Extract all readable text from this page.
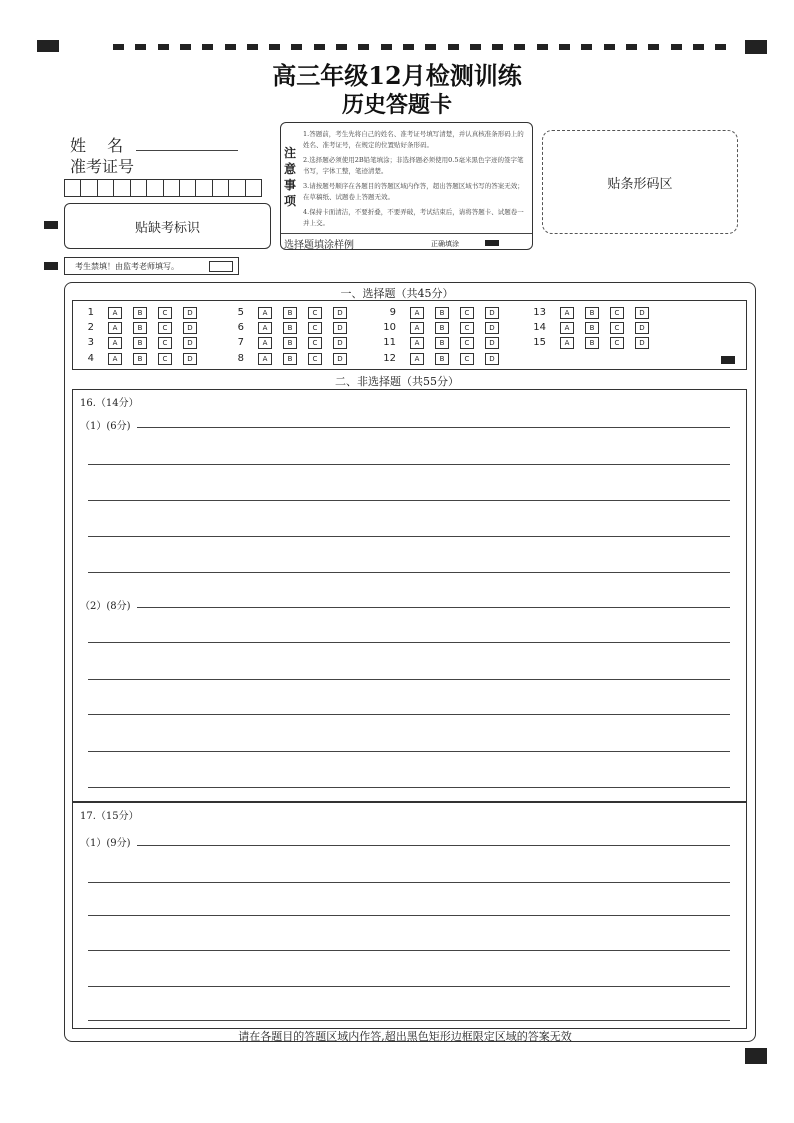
高三年级12月检测训练
历史答题卡
姓 名
准考证号
贴缺考标识
注意事项
1.答题前，考生先将自己的姓名、准考证号填写清楚，并认真核准条形码上的姓名、准考证号，在规定的位置贴好条形码。
2.选择题必须使用2B铅笔填涂；非选择题必须使用0.5毫米黑色字迹的签字笔书写，字体工整，笔迹清楚。
3.请按题号顺序在各题目的答题区域内作答，超出答题区域书写的答案无效；在草稿纸、试题卷上答题无效。
4.保持卡面清洁，不要折叠，不要弄破，考试结束后，请将答题卡、试题卷一并上交。
选择题填涂样例	正确填涂
贴条形码区
考生禁填！由监考老师填写。
一、选择题（共45分）
1	A	B	C	D
2	A	B	C	D
3	A	B	C	D
4	A	B	C	D
5	A	B	C	D
6	A	B	C	D
7	A	B	C	D
8	A	B	C	D
9	A	B	C	D
10	A	B	C	D
11	A	B	C	D
12	A	B	C	D
13	A	B	C	D
14	A	B	C	D
15	A	B	C	D
二、非选择题（共55分）
16.（14分）
（1）(6分)
（2）(8分)
17.（15分）
（1）(9分)
请在各题目的答题区域内作答,超出黑色矩形边框限定区域的答案无效
